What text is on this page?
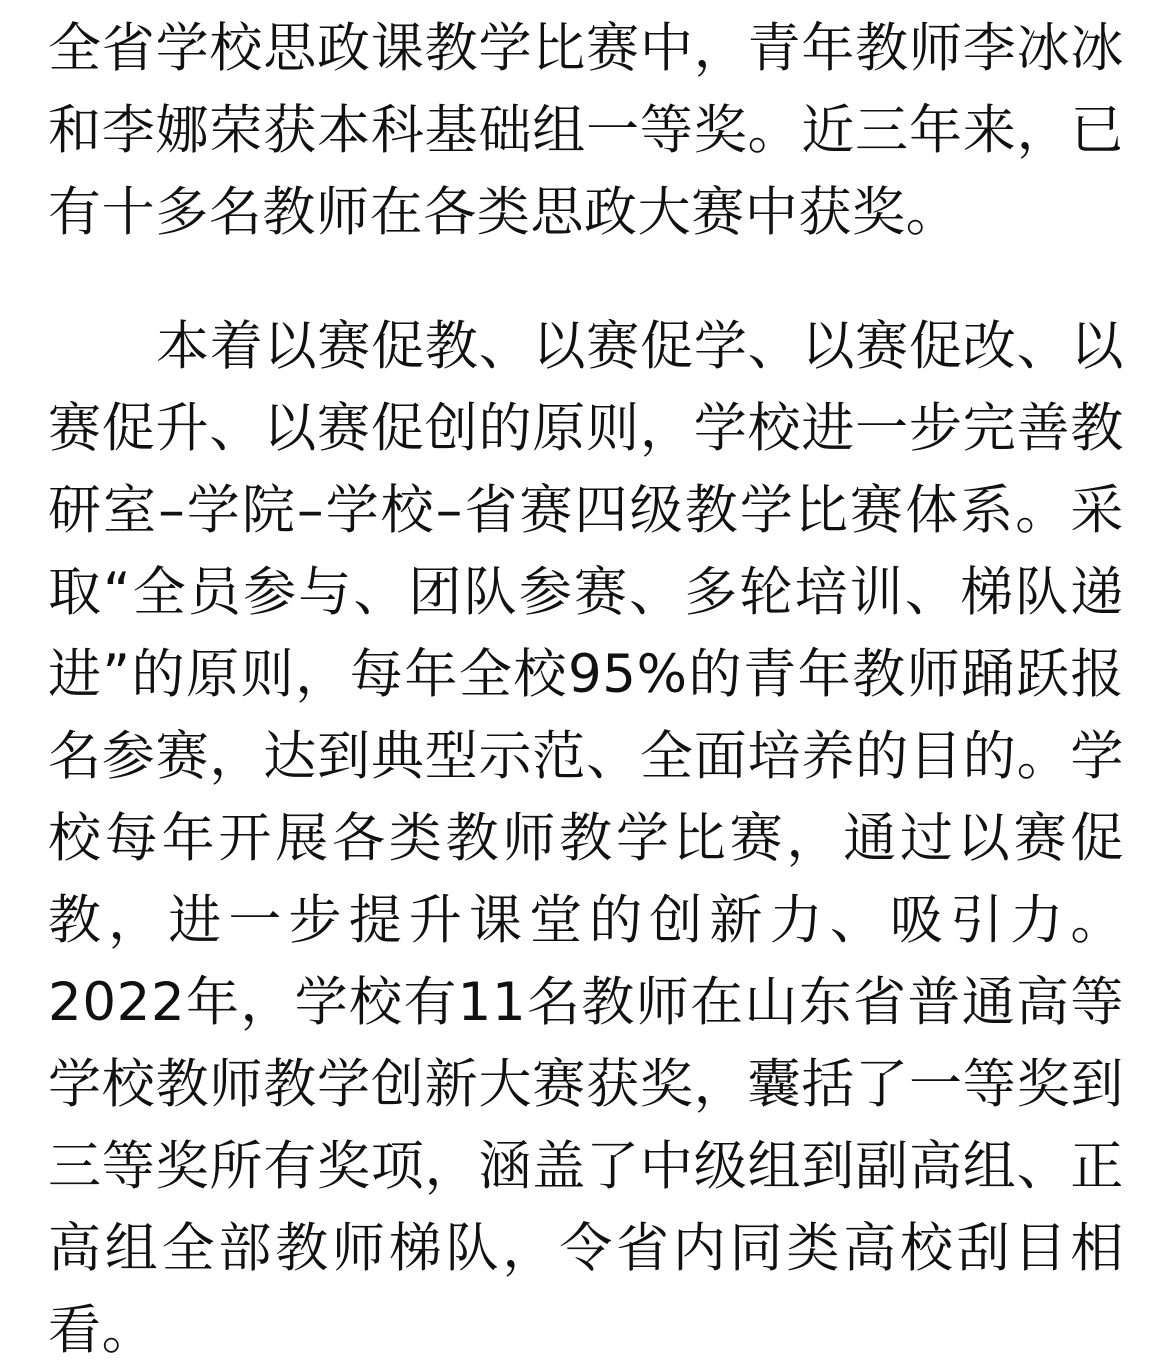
全省学校思政课教学比赛中，青年教师李冰冰
和李娜荣获本科基础组一等奖。近三年来，已
有十多名教师在各类思政大赛中获奖。
本着以赛促教、以赛促学、以赛促改、以
赛促升、以赛促创的原则，学校进一步完善教
研室–学院–学校–省赛四级教学比赛体系。采
取“全员参与、团队参赛、多轮培训、梯队递
进”的原则，每年全校95%的青年教师踊跃报
名参赛，达到典型示范、全面培养的目的。学
校每年开展各类教师教学比赛，通过以赛促
教，进一步提升课堂的创新力、吸引力。
2022年，学校有11名教师在山东省普通高等
学校教师教学创新大赛获奖，囊括了一等奖到
三等奖所有奖项，涵盖了中级组到副高组、正
高组全部教师梯队，令省内同类高校刮目相
看。
